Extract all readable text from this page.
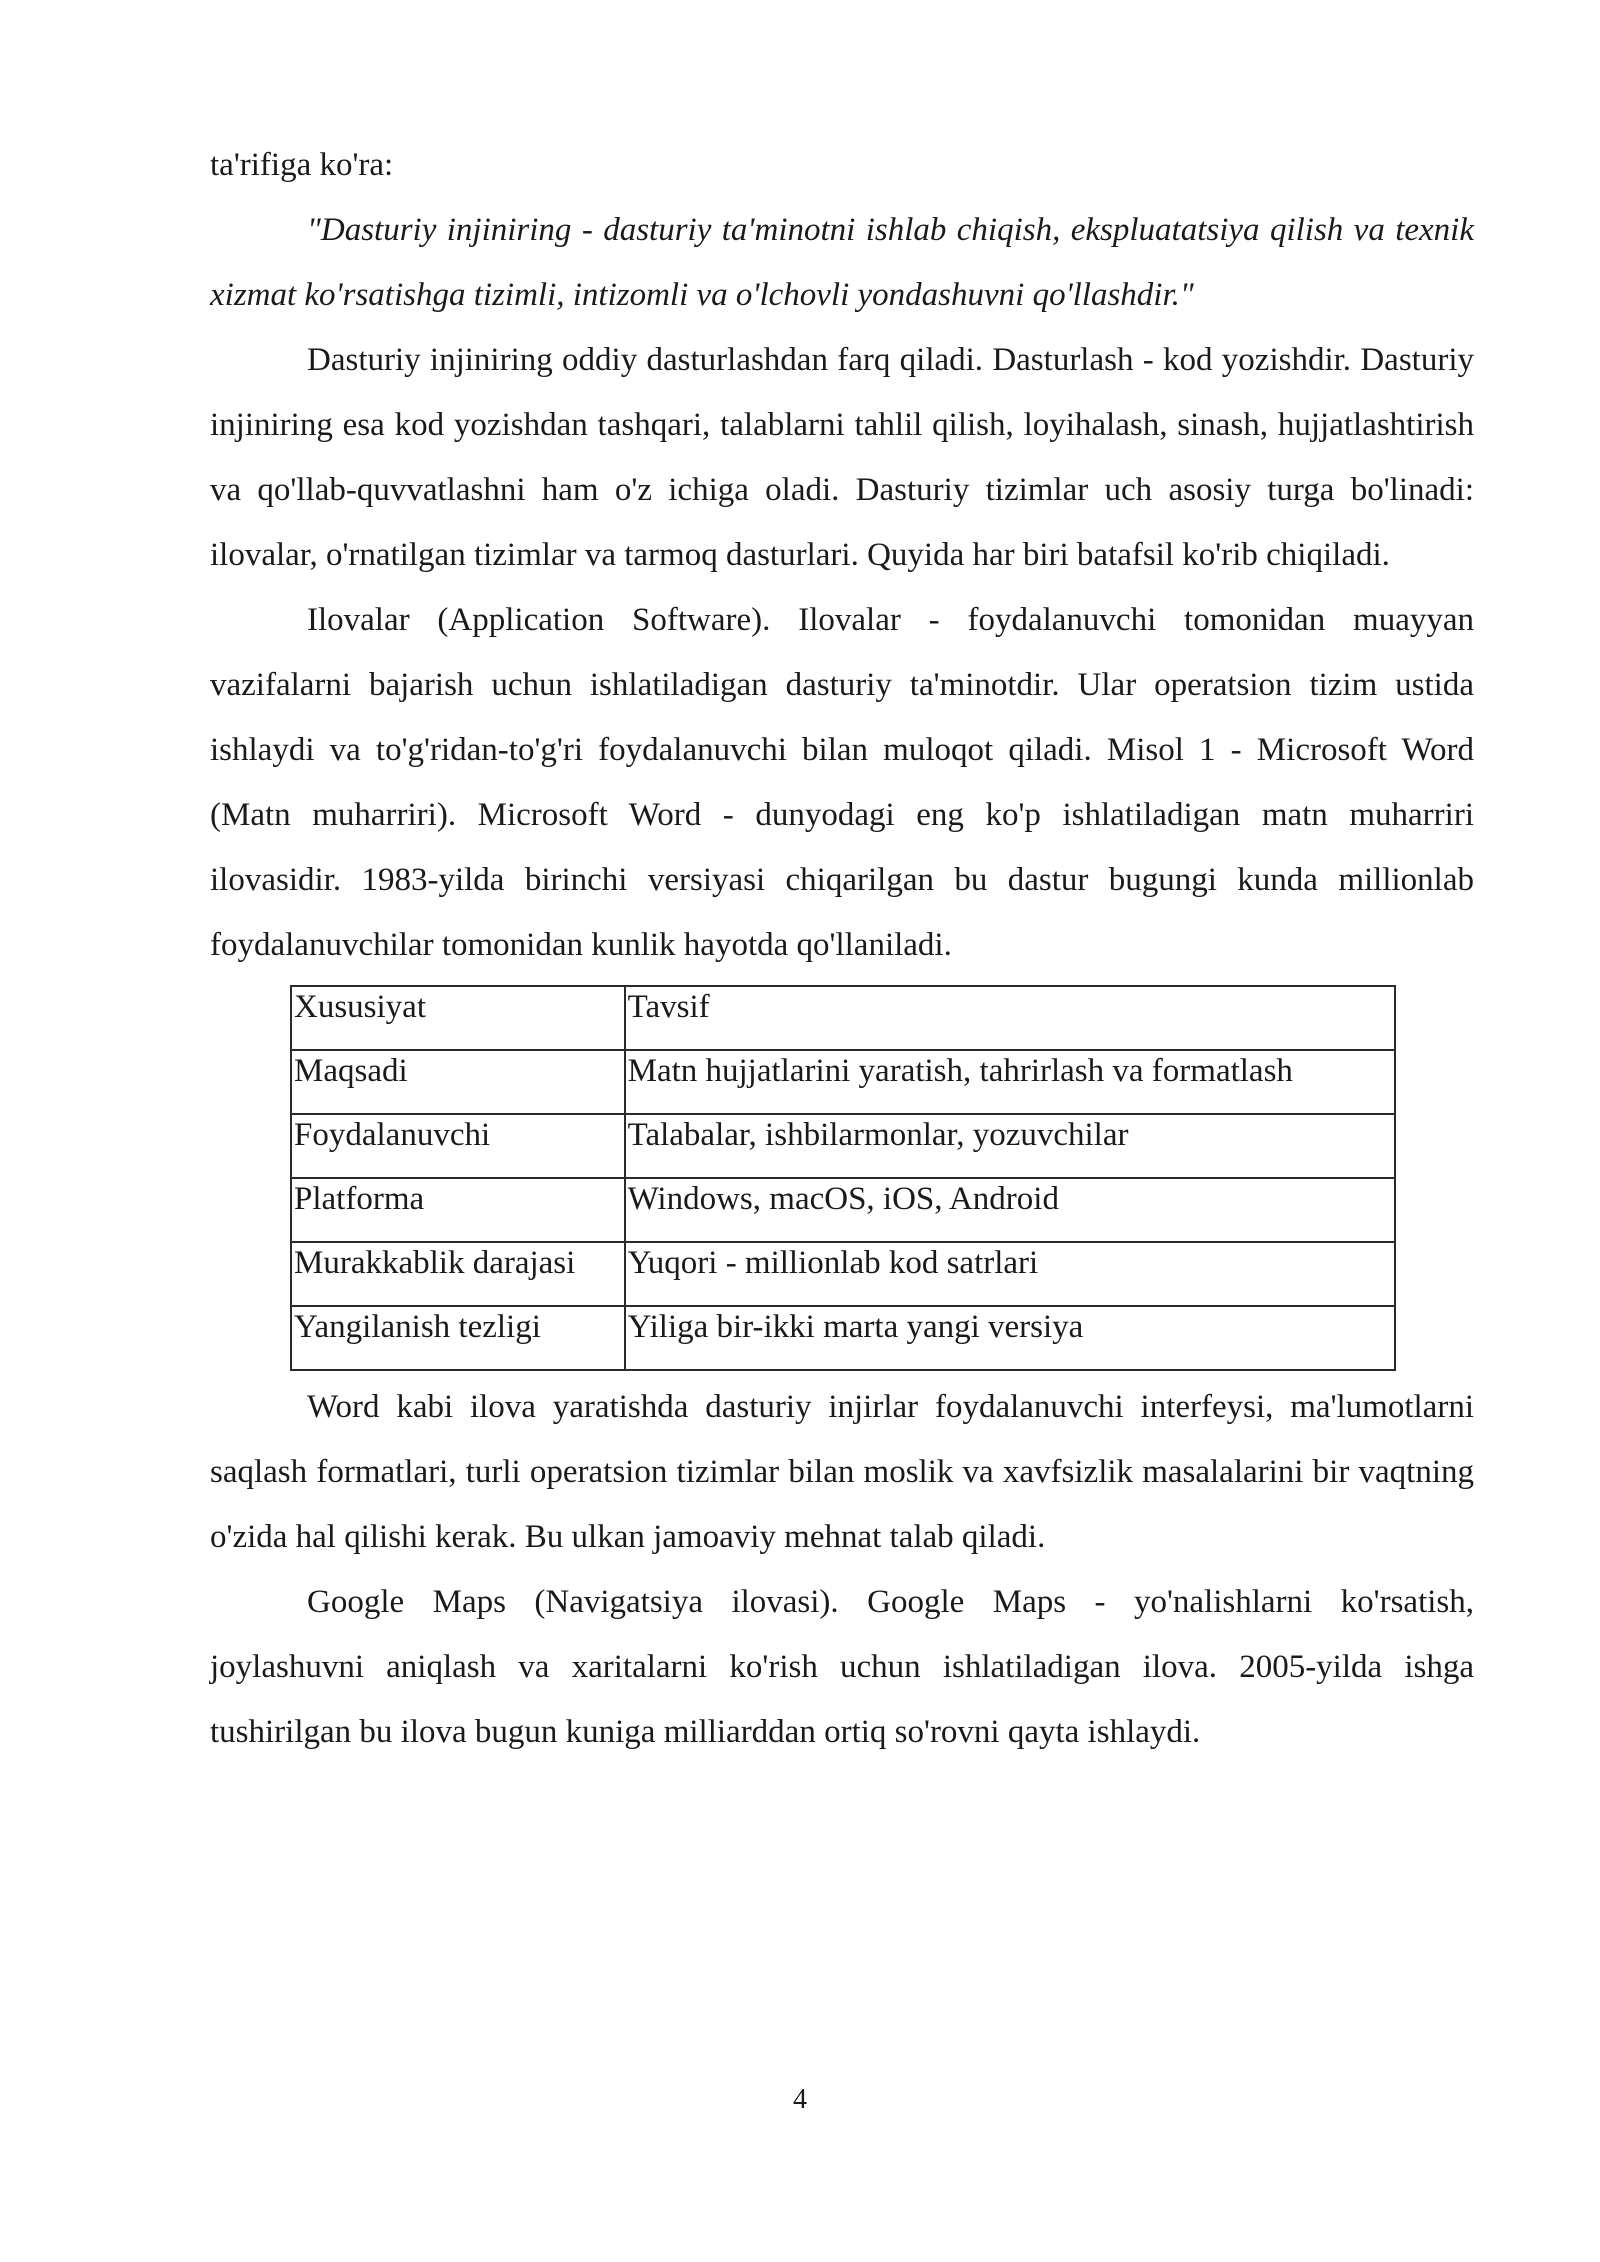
ta'rifiga ko'ra:

"Dasturiy injiniring - dasturiy ta'minotni ishlab chiqish, ekspluatatsiya qilish va texnik xizmat ko'rsatishga tizimli, intizomli va o'lchovli yondashuvni qo'llashdir."

Dasturiy injiniring oddiy dasturlashdan farq qiladi. Dasturlash - kod yozishdir. Dasturiy injiniring esa kod yozishdan tashqari, talablarni tahlil qilish, loyihalash, sinash, hujjatlashtirish va qo'llab-quvvatlashni ham o'z ichiga oladi. Dasturiy tizimlar uch asosiy turga bo'linadi: ilovalar, o'rnatilgan tizimlar va tarmoq dasturlari. Quyida har biri batafsil ko'rib chiqiladi.

Ilovalar (Application Software). Ilovalar - foydalanuvchi tomonidan muayyan vazifalarni bajarish uchun ishlatiladigan dasturiy ta'minotdir. Ular operatsion tizim ustida ishlaydi va to'g'ridan-to'g'ri foydalanuvchi bilan muloqot qiladi. Misol 1 - Microsoft Word (Matn muharriri). Microsoft Word - dunyodagi eng ko'p ishlatiladigan matn muharriri ilovasidir. 1983-yilda birinchi versiyasi chiqarilgan bu dastur bugungi kunda millionlab foydalanuvchilar tomonidan kunlik hayotda qo'llaniladi.

Xususiyat	Tavsif
Maqsadi	Matn hujjatlarini yaratish, tahrirlash va formatlash
Foydalanuvchi	Talabalar, ishbilarmonlar, yozuvchilar
Platforma	Windows, macOS, iOS, Android
Murakkablik darajasi	Yuqori - millionlab kod satrlari
Yangilanish tezligi	Yiliga bir-ikki marta yangi versiya

Word kabi ilova yaratishda dasturiy injirlar foydalanuvchi interfeysi, ma'lumotlarni saqlash formatlari, turli operatsion tizimlar bilan moslik va xavfsizlik masalalarini bir vaqtning o'zida hal qilishi kerak. Bu ulkan jamoaviy mehnat talab qiladi.

Google Maps (Navigatsiya ilovasi). Google Maps - yo'nalishlarni ko'rsatish, joylashuvni aniqlash va xaritalarni ko'rish uchun ishlatiladigan ilova. 2005-yilda ishga tushirilgan bu ilova bugun kuniga milliarddan ortiq so'rovni qayta ishlaydi.

4
